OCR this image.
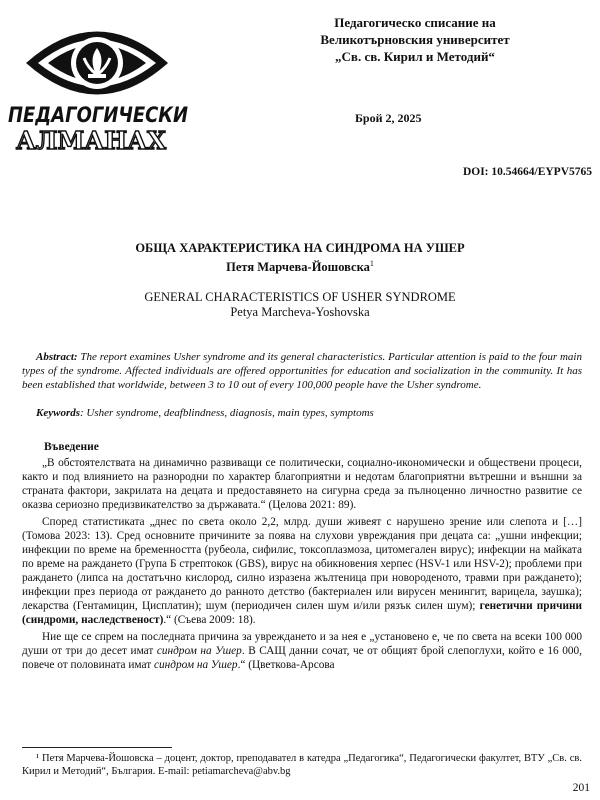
ПЕДАГОГИЧЕСКИ
АЛМАНАХ
Педагогическо списание на
Великотърновския университет
„Св. св. Кирил и Методий“
Брой 2, 2025
DOI: 10.54664/EYPV5765
ОБЩА ХАРАКТЕРИСТИКА НА СИНДРОМА НА УШЕР
Петя Марчева-Йошовска$^1$
GENERAL CHARACTERISTICS OF USHER SYNDROME
Petya Marcheva-Yoshovska
Abstract: The report examines Usher syndrome and its general characteristics. Particular attention is paid to the four main types of the syndrome. Affected individuals are offered opportunities for education and socialization in the community. It has been established that worldwide, between 3 to 10 out of every 100,000 people have the Usher syndrome.
Keywords: Usher syndrome, deafblindness, diagnosis, main types, symptoms
Въведение

„В обстоятелствата на динамично развиващи се политически, социално-икономически и обществени процеси, както и под влиянието на разнородни по характер благоприятни и недотам благоприятни вътрешни и външни за страната фактори, закрилата на децата и предоставянето на сигурна среда за пълноценно личностно развитие се оказва сериозно предизвикателство за държавата.“ (Целова 2021: 89).

Според статистиката „днес по света около 2,2, млрд. души живеят с нарушено зрение или слепота и […] (Томова 2023: 13). Сред основните причините за поява на слухови увреждания при децата са: „ушни инфекции; инфекции по време на бременността (рубеола, сифилис, токсоплазмоза, цитомегален вирус); инфекции на майката по време на раждането (Група Б стрептокок (GBS), вирус на обикновения херпес (HSV-1 или HSV-2); проблеми при раждането (липса на достатъчно кислород, силно изразена жълтеница при новороденото, травми при раждането); инфекции през периода от раждането до ранното детство (бактериален или вирусен менингит, варицела, заушка); лекарства (Гентамицин, Цисплатин); шум (периодичен силен шум и/или рязък силен шум); генетични причини (синдроми, наследственост).“ (Съева 2009: 18).

Ние ще се спрем на последната причина за увреждането и за нея е „установено е, че по света на всеки 100 000 души от три до десет имат синдром на Ушер. В САЩ данни сочат, че от общият брой слепоглухи, който е 16 000, повече от половината имат синдром на Ушер.“ (Цветкова-Арсова

¹ Петя Марчева-Йошовска – доцент, доктор, преподавател в катедра „Педагогика“, Педагогически факултет, ВТУ „Св. св. Кирил и Методий“, България. E-mail: petiamarcheva@abv.bg
201
